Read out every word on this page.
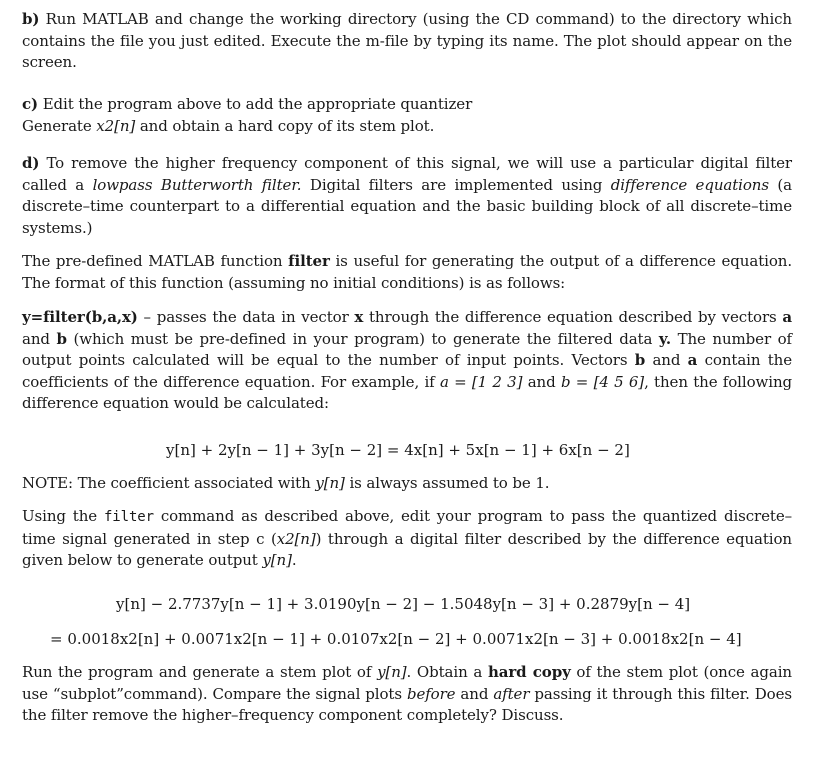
b) Run MATLAB and change the working directory (using the CD command) to the directory which contains the file you just edited. Execute the m-file by typing its name. The plot should appear on the screen.
c) Edit the program above to add the appropriate quantizer
Generate x2[n] and obtain a hard copy of its stem plot.
d) To remove the higher frequency component of this signal, we will use a particular digital filter called a lowpass Butterworth filter. Digital filters are implemented using difference equations (a discrete–time counterpart to a differential equation and the basic building block of all discrete–time systems.)
The pre-defined MATLAB function filter is useful for generating the output of a difference equation. The format of this function (assuming no initial conditions) is as follows:
y=filter(b,a,x) – passes the data in vector x through the difference equation described by vectors a and b (which must be pre-defined in your program) to generate the filtered data y. The number of output points calculated will be equal to the number of input points. Vectors b and a contain the coefficients of the difference equation. For example, if a = [1 2 3] and b = [4 5 6], then the following difference equation would be calculated:
y[n] + 2y[n − 1] + 3y[n − 2] = 4x[n] + 5x[n − 1] + 6x[n − 2]
NOTE: The coefficient associated with y[n] is always assumed to be 1.
Using the filter command as described above, edit your program to pass the quantized discrete–time signal generated in step c (x2[n]) through a digital filter described by the difference equation given below to generate output y[n].
y[n] − 2.7737y[n − 1] + 3.0190y[n − 2] − 1.5048y[n − 3] + 0.2879y[n − 4]
= 0.0018x2[n] + 0.0071x2[n − 1] + 0.0107x2[n − 2] + 0.0071x2[n − 3] + 0.0018x2[n − 4]
Run the program and generate a stem plot of y[n]. Obtain a hard copy of the stem plot (once again use “subplot”command). Compare the signal plots before and after passing it through this filter. Does the filter remove the higher–frequency component completely? Discuss.
